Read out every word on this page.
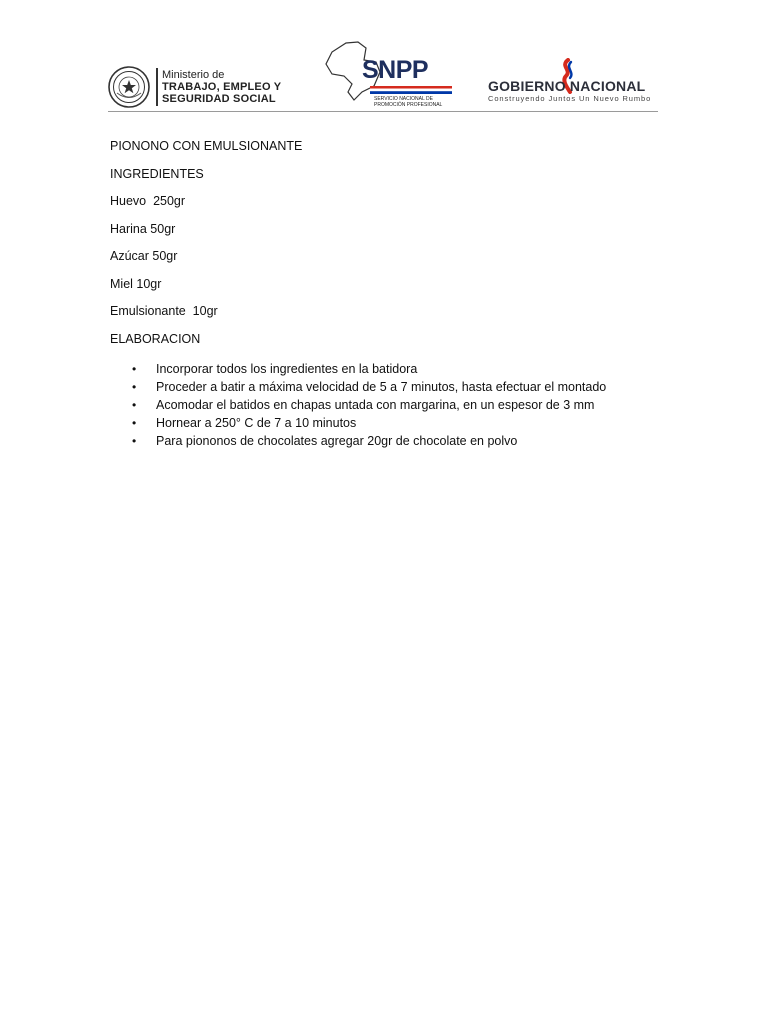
Ministerio de
TRABAJO, EMPLEO Y
SEGURIDAD SOCIAL
SNPP
SERVICIO NACIONAL DE
PROMOCIÓN PROFESIONAL
GOBIERNO NACIONAL
Construyendo Juntos Un Nuevo Rumbo

PIONONO CON EMULSIONANTE

INGREDIENTES

Huevo  250gr

Harina 50gr

Azúcar 50gr

Miel 10gr

Emulsionante  10gr

ELABORACION

• Incorporar todos los ingredientes en la batidora
• Proceder a batir a máxima velocidad de 5 a 7 minutos, hasta efectuar el montado
• Acomodar el batidos en chapas untada con margarina, en un espesor de 3 mm
• Hornear a 250° C de 7 a 10 minutos
• Para piononos de chocolates agregar 20gr de chocolate en polvo
